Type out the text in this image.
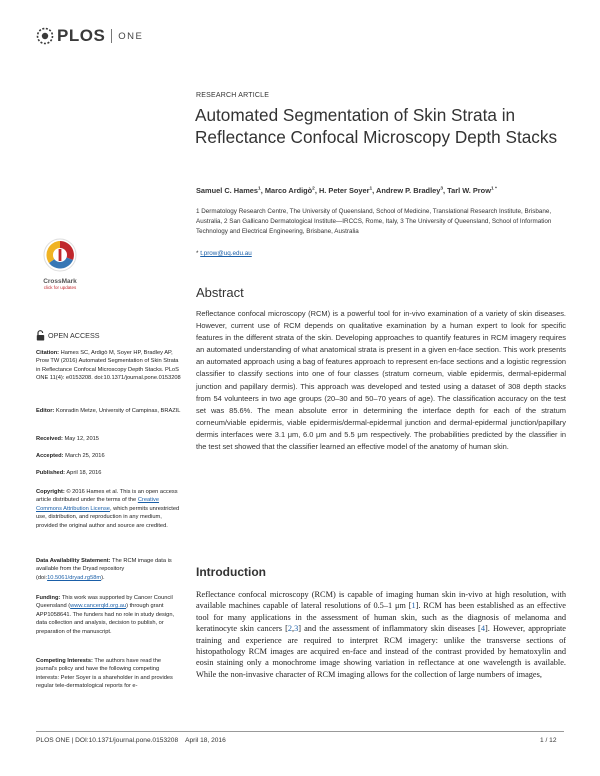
PLOS ONE
CrossMark
click for updates
OPEN ACCESS
Citation: Hames SC, Ardigò M, Soyer HP, Bradley AP, Prow TW (2016) Automated Segmentation of Skin Strata in Reflectance Confocal Microscopy Depth Stacks. PLoS ONE 11(4): e0153208. doi:10.1371/journal.pone.0153208
Editor: Konradin Metze, University of Campinas, BRAZIL
Received: May 12, 2015
Accepted: March 25, 2016
Published: April 18, 2016
Copyright: © 2016 Hames et al. This is an open access article distributed under the terms of the Creative Commons Attribution License, which permits unrestricted use, distribution, and reproduction in any medium, provided the original author and source are credited.
Data Availability Statement: The RCM image data is available from the Dryad repository (doi:10.5061/dryad.rg58m).
Funding: This work was supported by Cancer Council Queensland (www.cancerqld.org.au) through grant APP1058641. The funders had no role in study design, data collection and analysis, decision to publish, or preparation of the manuscript.
Competing Interests: The authors have read the journal's policy and have the following competing interests: Peter Soyer is a shareholder in and provides regular tele-dermatological reports for e-
RESEARCH ARTICLE
Automated Segmentation of Skin Strata in Reflectance Confocal Microscopy Depth Stacks
Samuel C. Hames$^1$, Marco Ardigò$^2$, H. Peter Soyer$^1$, Andrew P. Bradley$^3$, Tarl W. Prow$^{1 *}$
1 Dermatology Research Centre, The University of Queensland, School of Medicine, Translational Research Institute, Brisbane, Australia, 2 San Gallicano Dermatological Institute—IRCCS, Rome, Italy, 3 The University of Queensland, School of Information Technology and Electrical Engineering, Brisbane, Australia
* t.prow@uq.edu.au
Abstract

Reflectance confocal microscopy (RCM) is a powerful tool for in-vivo examination of a variety of skin diseases. However, current use of RCM depends on qualitative examination by a human expert to look for specific features in the different strata of the skin. Developing approaches to quantify features in RCM imagery requires an automated understanding of what anatomical strata is present in a given en-face section. This work presents an automated approach using a bag of features approach to represent en-face sections and a logistic regression classifier to classify sections into one of four classes (stratum corneum, viable epidermis, dermal-epidermal junction and papillary dermis). This approach was developed and tested using a dataset of 308 depth stacks from 54 volunteers in two age groups (20–30 and 50–70 years of age). The classification accuracy on the test set was 85.6%. The mean absolute error in determining the interface depth for each of the stratum corneum/viable epidermis, viable epidermis/dermal-epidermal junction and dermal-epidermal junction/papillary dermis interfaces were 3.1 μm, 6.0 μm and 5.5 μm respectively. The probabilities predicted by the classifier in the test set showed that the classifier learned an effective model of the anatomy of human skin.

Introduction

Reflectance confocal microscopy (RCM) is capable of imaging human skin in-vivo at high resolution, with available machines capable of lateral resolutions of 0.5–1 μm [1]. RCM has been established as an effective tool for many applications in the assessment of human skin, such as the diagnosis of melanoma and keratinocyte skin cancers [2,3] and the assessment of inflammatory skin diseases [4]. However, appropriate training and experience are required to interpret RCM imagery: unlike the transverse sections of histopathology RCM images are acquired en-face and instead of the contrast provided by hematoxylin and eosin staining only a monochrome image showing variation in reflectance at one wavelength is available. While the non-invasive character of RCM imaging allows for the collection of large numbers of images,

PLOS ONE | DOI:10.1371/journal.pone.0153208    April 18, 2016	1 / 12
